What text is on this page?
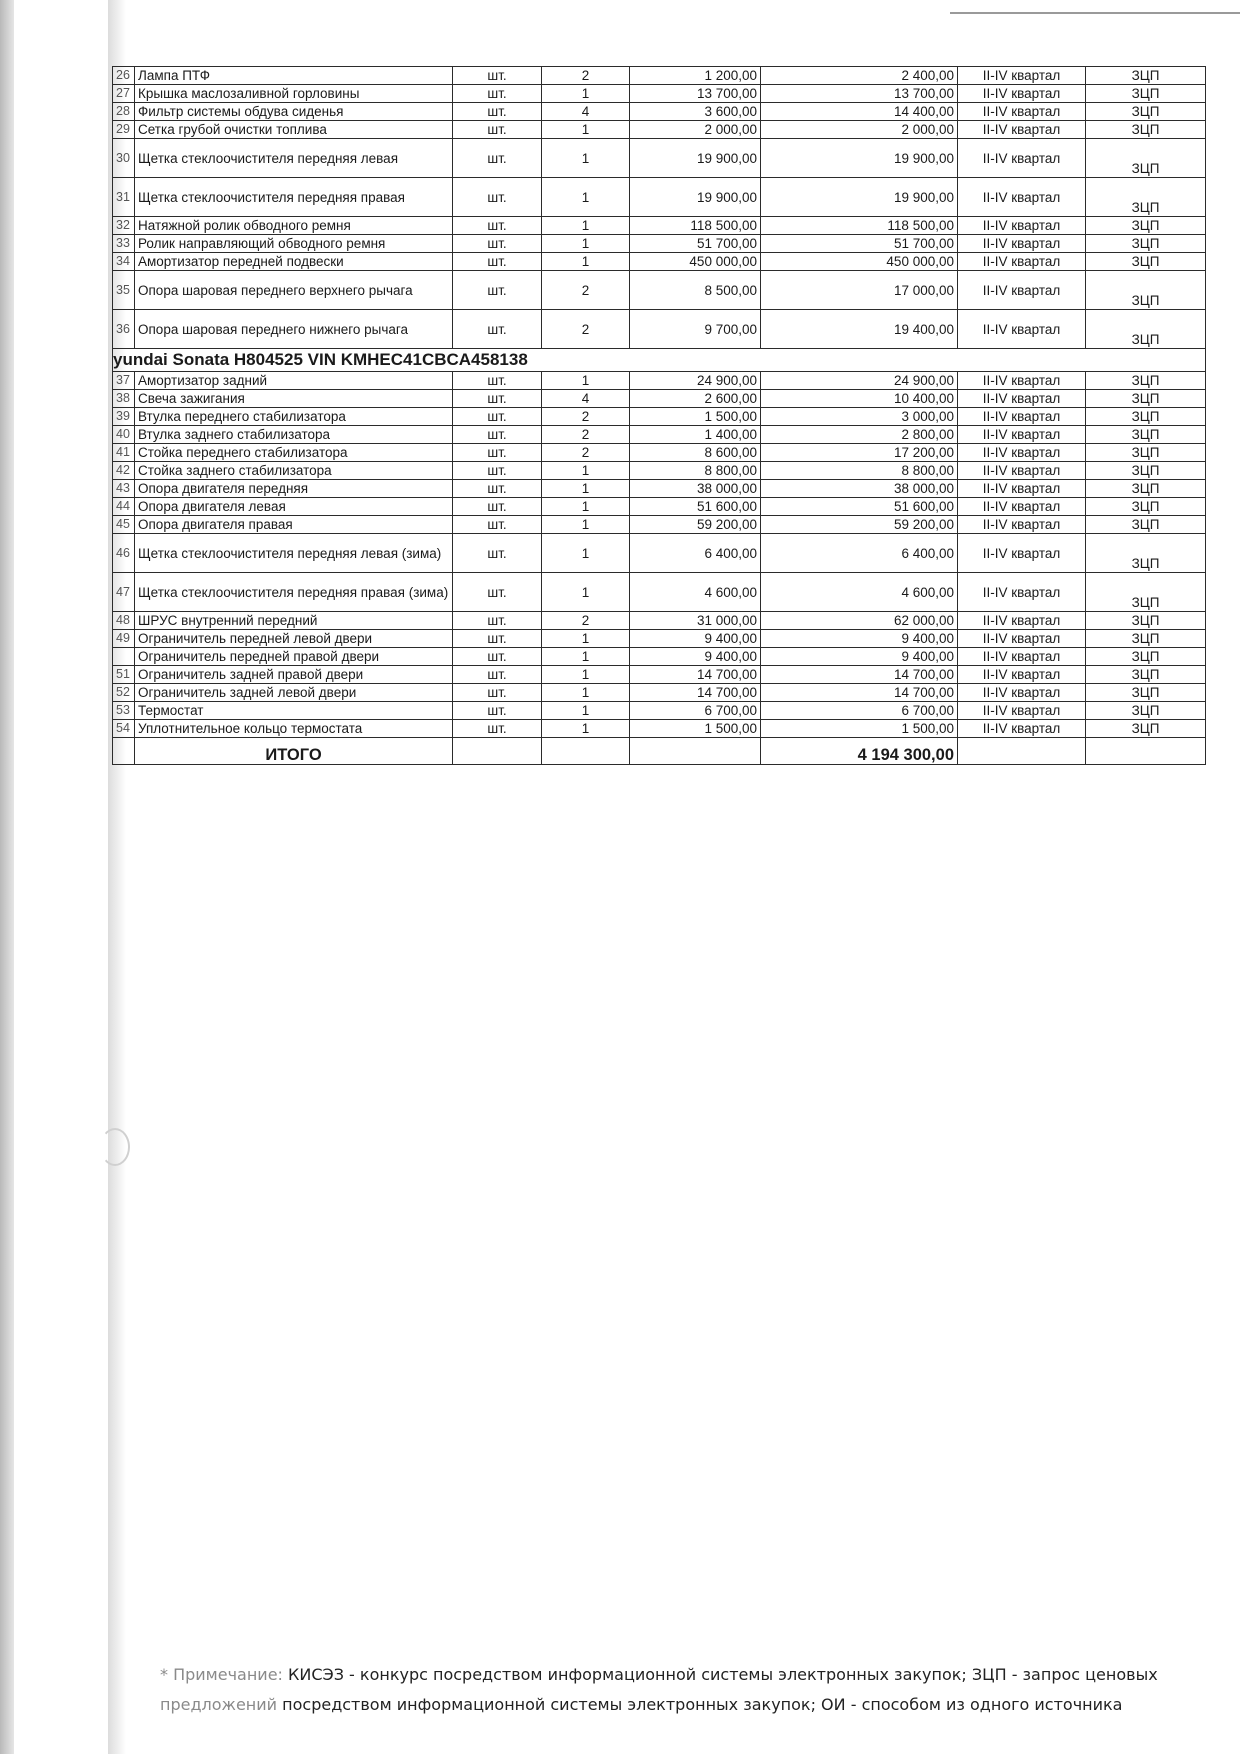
26	Лампа ПТФ	шт.	2	1 200,00	2 400,00	II-IV квартал	ЗЦП
27	Крышка маслозаливной горловины	шт.	1	13 700,00	13 700,00	II-IV квартал	ЗЦП
28	Фильтр системы обдува сиденья	шт.	4	3 600,00	14 400,00	II-IV квартал	ЗЦП
29	Сетка грубой очистки топлива	шт.	1	2 000,00	2 000,00	II-IV квартал	ЗЦП
30	Щетка стеклоочистителя передняя левая	шт.	1	19 900,00	19 900,00	II-IV квартал	ЗЦП
31	Щетка стеклоочистителя передняя правая	шт.	1	19 900,00	19 900,00	II-IV квартал	ЗЦП
32	Натяжной ролик обводного ремня	шт.	1	118 500,00	118 500,00	II-IV квартал	ЗЦП
33	Ролик направляющий обводного ремня	шт.	1	51 700,00	51 700,00	II-IV квартал	ЗЦП
34	Амортизатор передней подвески	шт.	1	450 000,00	450 000,00	II-IV квартал	ЗЦП
35	Опора шаровая переднего верхнего рычага	шт.	2	8 500,00	17 000,00	II-IV квартал	ЗЦП
36	Опора шаровая переднего нижнего рычага	шт.	2	9 700,00	19 400,00	II-IV квартал	ЗЦП
yundai Sonata H804525 VIN KMHEC41CBCA458138							
37	Амортизатор задний	шт.	1	24 900,00	24 900,00	II-IV квартал	ЗЦП
38	Свеча зажигания	шт.	4	2 600,00	10 400,00	II-IV квартал	ЗЦП
39	Втулка переднего стабилизатора	шт.	2	1 500,00	3 000,00	II-IV квартал	ЗЦП
40	Втулка заднего стабилизатора	шт.	2	1 400,00	2 800,00	II-IV квартал	ЗЦП
41	Стойка переднего стабилизатора	шт.	2	8 600,00	17 200,00	II-IV квартал	ЗЦП
42	Стойка заднего стабилизатора	шт.	1	8 800,00	8 800,00	II-IV квартал	ЗЦП
43	Опора двигателя передняя	шт.	1	38 000,00	38 000,00	II-IV квартал	ЗЦП
44	Опора двигателя левая	шт.	1	51 600,00	51 600,00	II-IV квартал	ЗЦП
45	Опора двигателя правая	шт.	1	59 200,00	59 200,00	II-IV квартал	ЗЦП
46	Щетка стеклоочистителя передняя левая (зима)	шт.	1	6 400,00	6 400,00	II-IV квартал	ЗЦП
47	Щетка стеклоочистителя передняя правая (зима)	шт.	1	4 600,00	4 600,00	II-IV квартал	ЗЦП
48	ШРУС внутренний передний	шт.	2	31 000,00	62 000,00	II-IV квартал	ЗЦП
49	Ограничитель передней левой двери	шт.	1	9 400,00	9 400,00	II-IV квартал	ЗЦП
	Ограничитель передней правой двери	шт.	1	9 400,00	9 400,00	II-IV квартал	ЗЦП
51	Ограничитель задней правой двери	шт.	1	14 700,00	14 700,00	II-IV квартал	ЗЦП
52	Ограничитель задней левой двери	шт.	1	14 700,00	14 700,00	II-IV квартал	ЗЦП
53	Термостат	шт.	1	6 700,00	6 700,00	II-IV квартал	ЗЦП
54	Уплотнительное кольцо термостата	шт.	1	1 500,00	1 500,00	II-IV квартал	ЗЦП
	ИТОГО				4 194 300,00		
* Примечание: КИСЭЗ - конкурс посредством информационной системы электронных закупок; ЗЦП - запрос ценовых
предложений посредством информационной системы электронных закупок; ОИ - способом из одного источника
